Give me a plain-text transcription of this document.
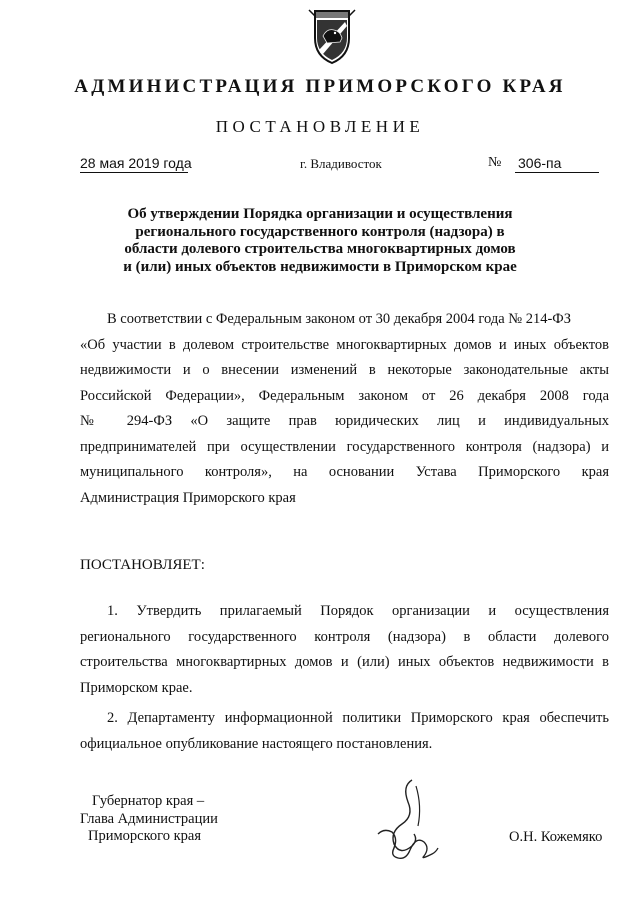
АДМИНИСТРАЦИЯ ПРИМОРСКОГО КРАЯ
ПОСТАНОВЛЕНИЕ
28 мая 2019 года	г. Владивосток	№ 306-па
Об утверждении Порядка организации и осуществления
регионального государственного контроля (надзора) в
области долевого строительства многоквартирных домов
и (или) иных объектов недвижимости в Приморском крае
В соответствии с Федеральным законом от 30 декабря 2004 года № 214-ФЗ
«Об участии в долевом строительстве многоквартирных домов и иных объектов
недвижимости и о внесении изменений в некоторые законодательные акты
Российской Федерации», Федеральным законом от 26 декабря 2008 года
№ 294-ФЗ «О защите прав юридических лиц и индивидуальных
предпринимателей при осуществлении государственного контроля (надзора) и
муниципального контроля», на основании Устава Приморского края
Администрация Приморского края
ПОСТАНОВЛЯЕТ:
1. Утвердить прилагаемый Порядок организации и осуществления
регионального государственного контроля (надзора) в области долевого
строительства многоквартирных домов и (или) иных объектов недвижимости в
Приморском крае.
2. Департаменту информационной политики Приморского края обеспечить
официальное опубликование настоящего постановления.
Губернатор края –
Глава Администрации
Приморского края	О.Н. Кожемяко
